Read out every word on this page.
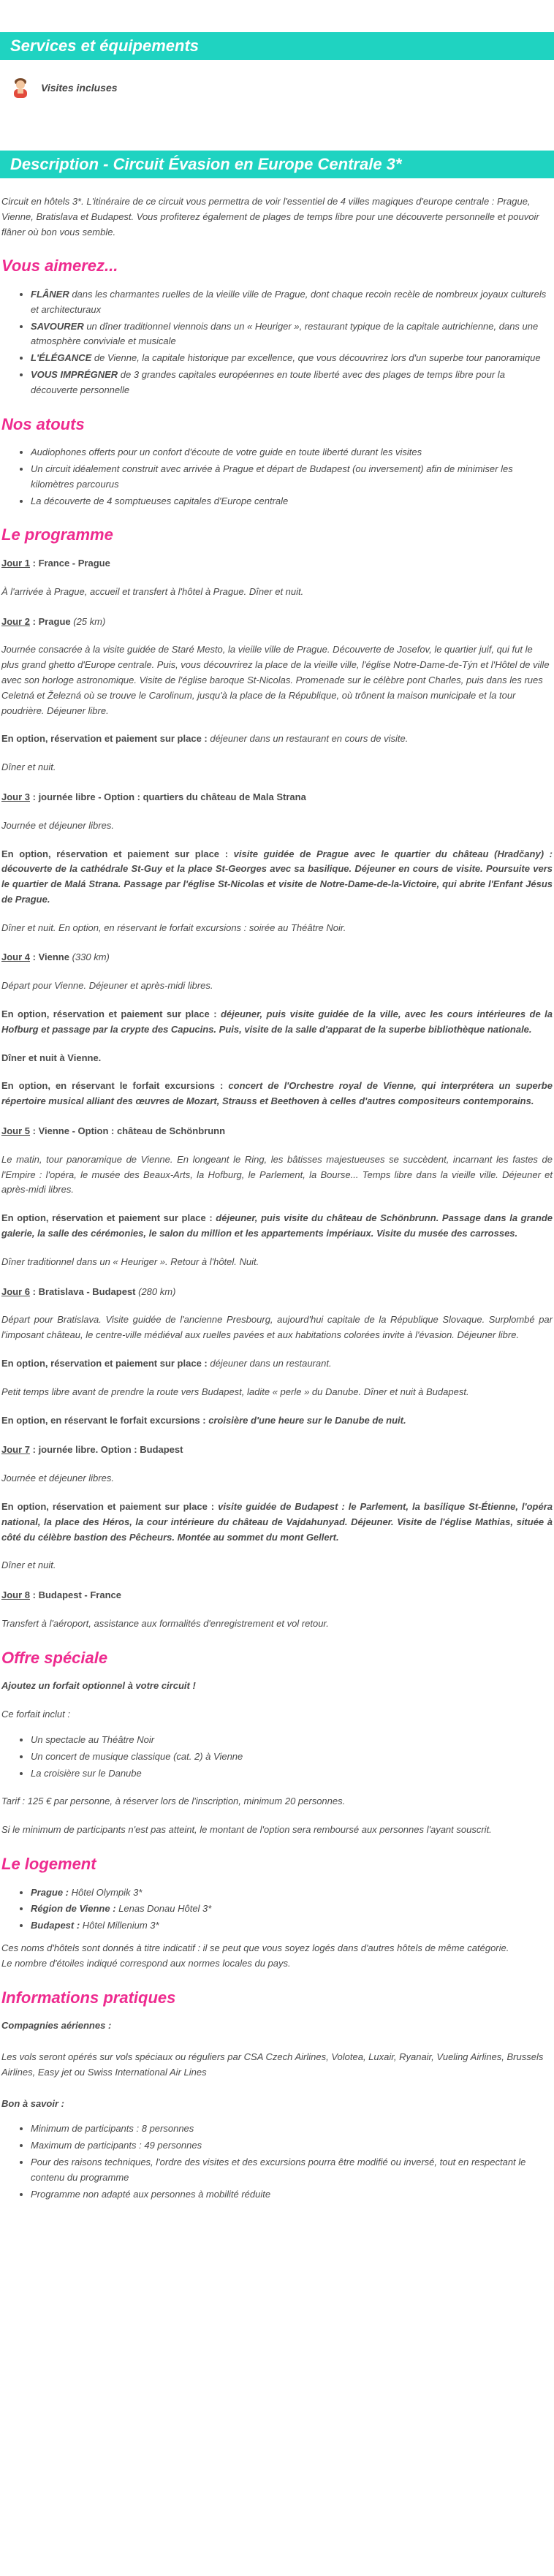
Services et équipements
Visites incluses
Description - Circuit Évasion en Europe Centrale 3*

Circuit en hôtels 3*. L'itinéraire de ce circuit vous permettra de voir l'essentiel de 4 villes magiques d'europe centrale : Prague, Vienne, Bratislava et Budapest. Vous profiterez également de plages de temps libre pour une découverte personnelle et pouvoir flâner où bon vous semble.

Vous aimerez...
• FLÂNER dans les charmantes ruelles de la vieille ville de Prague, dont chaque recoin recèle de nombreux joyaux culturels et architecturaux
• SAVOURER un dîner traditionnel viennois dans un « Heuriger », restaurant typique de la capitale autrichienne, dans une atmosphère conviviale et musicale
• L'ÉLÉGANCE de Vienne, la capitale historique par excellence, que vous découvrirez lors d'un superbe tour panoramique
• VOUS IMPRÉGNER de 3 grandes capitales européennes en toute liberté avec des plages de temps libre pour la découverte personnelle
Nos atouts
• Audiophones offerts pour un confort d'écoute de votre guide en toute liberté durant les visites
• Un circuit idéalement construit avec arrivée à Prague et départ de Budapest (ou inversement) afin de minimiser les kilomètres parcourus
• La découverte de 4 somptueuses capitales d'Europe centrale
Le programme
Jour 1 : France - Prague

À l'arrivée à Prague, accueil et transfert à l'hôtel à Prague. Dîner et nuit.

Jour 2 : Prague (25 km)

Journée consacrée à la visite guidée de Staré Mesto, la vieille ville de Prague. Découverte de Josefov, le quartier juif, qui fut le plus grand ghetto d'Europe centrale. Puis, vous découvrirez la place de la vieille ville, l'église Notre-Dame-de-Týn et l'Hôtel de ville avec son horloge astronomique. Visite de l'église baroque St-Nicolas. Promenade sur le célèbre pont Charles, puis dans les rues Celetná et Železná où se trouve le Carolinum, jusqu'à la place de la République, où trônent la maison municipale et la tour poudrière. Déjeuner libre.

En option, réservation et paiement sur place : déjeuner dans un restaurant en cours de visite.

Dîner et nuit.

Jour 3 : journée libre - Option : quartiers du château de Mala Strana

Journée et déjeuner libres.

En option, réservation et paiement sur place : visite guidée de Prague avec le quartier du château (Hradčany) : découverte de la cathédrale St-Guy et la place St-Georges avec sa basilique. Déjeuner en cours de visite. Poursuite vers le quartier de Malá Strana. Passage par l'église St-Nicolas et visite de Notre-Dame-de-la-Victoire, qui abrite l'Enfant Jésus de Prague.

Dîner et nuit. En option, en réservant le forfait excursions : soirée au Théâtre Noir.

Jour 4 : Vienne (330 km)

Départ pour Vienne. Déjeuner et après-midi libres.

En option, réservation et paiement sur place : déjeuner, puis visite guidée de la ville, avec les cours intérieures de la Hofburg et passage par la crypte des Capucins. Puis, visite de la salle d'apparat de la superbe bibliothèque nationale.

Dîner et nuit à Vienne.

En option, en réservant le forfait excursions : concert de l'Orchestre royal de Vienne, qui interprétera un superbe répertoire musical alliant des œuvres de Mozart, Strauss et Beethoven à celles d'autres compositeurs contemporains.

Jour 5 : Vienne - Option : château de Schönbrunn

Le matin, tour panoramique de Vienne. En longeant le Ring, les bâtisses majestueuses se succèdent, incarnant les fastes de l'Empire : l'opéra, le musée des Beaux-Arts, la Hofburg, le Parlement, la Bourse... Temps libre dans la vieille ville. Déjeuner et après-midi libres.

En option, réservation et paiement sur place : déjeuner, puis visite du château de Schönbrunn. Passage dans la grande galerie, la salle des cérémonies, le salon du million et les appartements impériaux. Visite du musée des carrosses.

Dîner traditionnel dans un « Heuriger ». Retour à l'hôtel. Nuit.

Jour 6 : Bratislava - Budapest (280 km)

Départ pour Bratislava. Visite guidée de l'ancienne Presbourg, aujourd'hui capitale de la République Slovaque. Surplombé par l'imposant château, le centre-ville médiéval aux ruelles pavées et aux habitations colorées invite à l'évasion. Déjeuner libre.

En option, réservation et paiement sur place : déjeuner dans un restaurant.

Petit temps libre avant de prendre la route vers Budapest, ladite « perle » du Danube. Dîner et nuit à Budapest.

En option, en réservant le forfait excursions : croisière d'une heure sur le Danube de nuit.

Jour 7 : journée libre. Option : Budapest

Journée et déjeuner libres.

En option, réservation et paiement sur place : visite guidée de Budapest : le Parlement, la basilique St-Étienne, l'opéra national, la place des Héros, la cour intérieure du château de Vajdahunyad. Déjeuner. Visite de l'église Mathias, située à côté du célèbre bastion des Pêcheurs. Montée au sommet du mont Gellert.

Dîner et nuit.

Jour 8 : Budapest - France

Transfert à l'aéroport, assistance aux formalités d'enregistrement et vol retour.

Offre spéciale

Ajoutez un forfait optionnel à votre circuit !

Ce forfait inclut :

• Un spectacle au Théâtre Noir
• Un concert de musique classique (cat. 2) à Vienne
• La croisière sur le Danube

Tarif : 125 € par personne, à réserver lors de l'inscription, minimum 20 personnes.

Si le minimum de participants n'est pas atteint, le montant de l'option sera remboursé aux personnes l'ayant souscrit.

Le logement
• Prague : Hôtel Olympik 3*
• Région de Vienne : Lenas Donau Hôtel 3*
• Budapest : Hôtel Millenium 3*

Ces noms d'hôtels sont donnés à titre indicatif : il se peut que vous soyez logés dans d'autres hôtels de même catégorie.

Le nombre d'étoiles indiqué correspond aux normes locales du pays.

Informations pratiques

Compagnies aériennes :

Les vols seront opérés sur vols spéciaux ou réguliers par CSA Czech Airlines, Volotea, Luxair, Ryanair, Vueling Airlines, Brussels Airlines, Easy jet ou Swiss International Air Lines

Bon à savoir :

• Minimum de participants : 8 personnes
• Maximum de participants : 49 personnes
• Pour des raisons techniques, l'ordre des visites et des excursions pourra être modifié ou inversé, tout en respectant le contenu du programme
• Programme non adapté aux personnes à mobilité réduite
